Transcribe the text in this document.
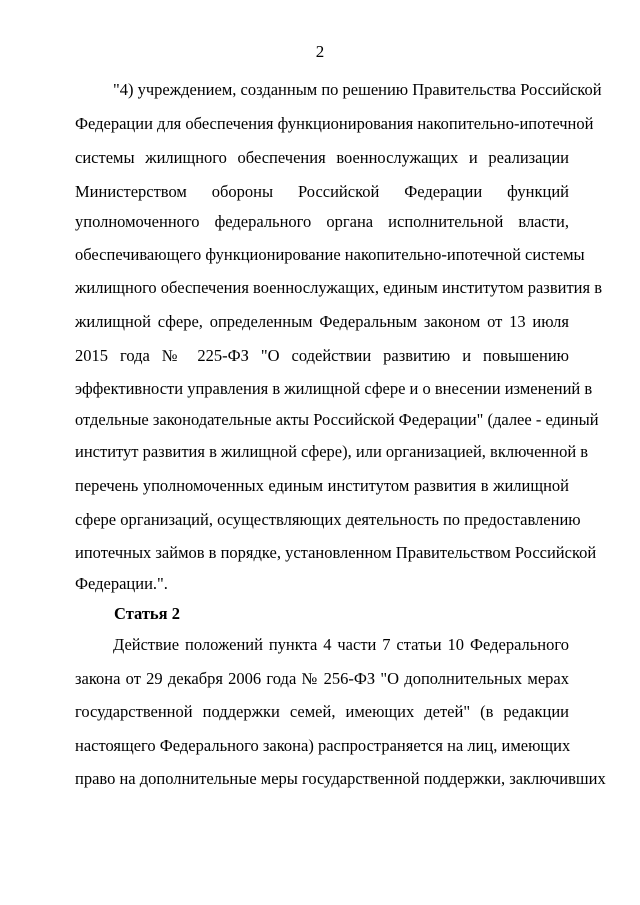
2
"4) учреждением, созданным по решению Правительства Российской
Федерации для обеспечения функционирования накопительно-ипотечной
системы жилищного обеспечения военнослужащих и реализации
Министерством обороны Российской Федерации функций
уполномоченного федерального органа исполнительной власти,
обеспечивающего функционирование накопительно-ипотечной системы
жилищного обеспечения военнослужащих, единым институтом развития в
жилищной сфере, определенным Федеральным законом от 13 июля
2015 года № 225-ФЗ "О содействии развитию и повышению
эффективности управления в жилищной сфере и о внесении изменений в
отдельные законодательные акты Российской Федерации" (далее - единый
институт развития в жилищной сфере), или организацией, включенной в
перечень уполномоченных единым институтом развития в жилищной
сфере организаций, осуществляющих деятельность по предоставлению
ипотечных займов в порядке, установленном Правительством Российской
Федерации.".
Статья 2
Действие положений пункта 4 части 7 статьи 10 Федерального
закона от 29 декабря 2006 года № 256-ФЗ "О дополнительных мерах
государственной поддержки семей, имеющих детей" (в редакции
настоящего Федерального закона) распространяется на лиц, имеющих
право на дополнительные меры государственной поддержки, заключивших
